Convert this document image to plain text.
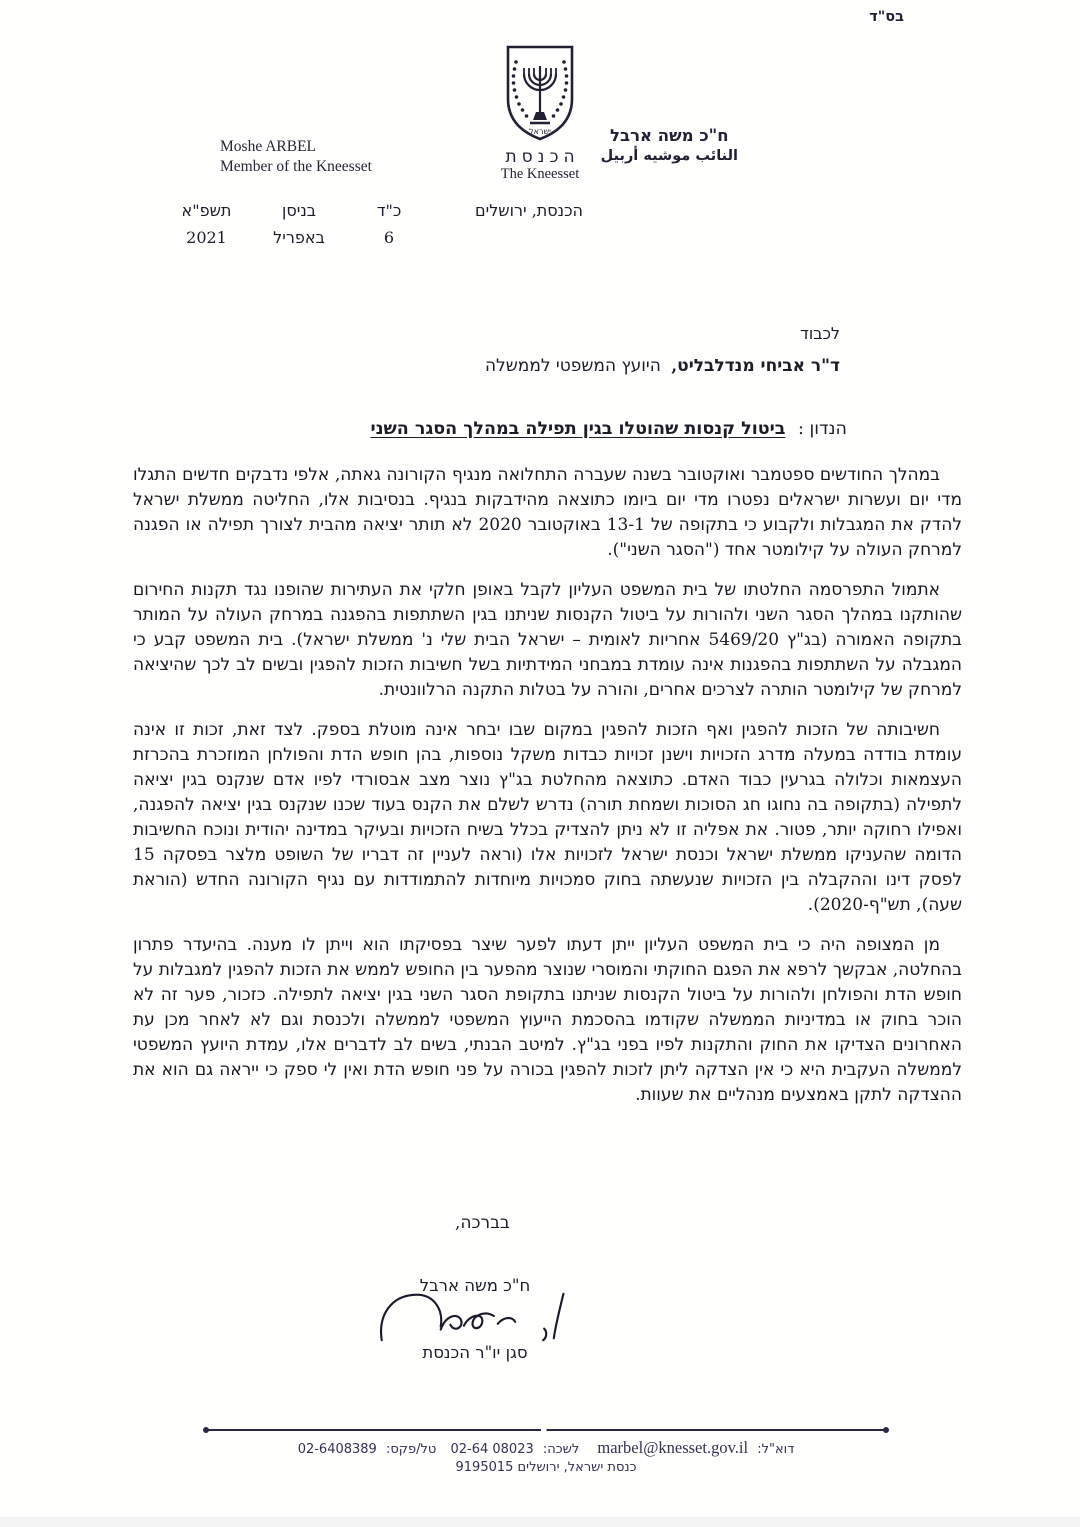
בס"ד
ישראל
הכנסת
The Kneesset
ח"כ משה ארבל
النائب موشيه أربيل
Moshe ARBEL
Member of the Kneesset
הכנסת, ירושלים
כ"ד
בניסן
תשפ"א
6
באפריל
2021
לכבוד
ד"ר אביחי מנדלבליט, היועץ המשפטי לממשלה
הנדון : ביטול קנסות שהוטלו בגין תפילה במהלך הסגר השני

במהלך החודשים ספטמבר ואוקטובר בשנה שעברה התחלואה מנגיף הקורונה גאתה, אלפי נדבקים חדשים התגלו מדי יום ועשרות ישראלים נפטרו מדי יום ביומו כתוצאה מהידבקות בנגיף. בנסיבות אלו, החליטה ממשלת ישראל להדק את המגבלות ולקבוע כי בתקופה של 13-1 באוקטובר 2020 לא תותר יציאה מהבית לצורך תפילה או הפגנה למרחק העולה על קילומטר אחד ("הסגר השני").

אתמול התפרסמה החלטתו של בית המשפט העליון לקבל באופן חלקי את העתירות שהופנו נגד תקנות החירום שהותקנו במהלך הסגר השני ולהורות על ביטול הקנסות שניתנו בגין השתתפות בהפגנה במרחק העולה על המותר בתקופה האמורה (בג"ץ 5469/20 אחריות לאומית – ישראל הבית שלי נ' ממשלת ישראל). בית המשפט קבע כי המגבלה על השתתפות בהפגנות אינה עומדת במבחני המידתיות בשל חשיבות הזכות להפגין ובשים לב לכך שהיציאה למרחק של קילומטר הותרה לצרכים אחרים, והורה על בטלות התקנה הרלוונטית.

חשיבותה של הזכות להפגין ואף הזכות להפגין במקום שבו יבחר אינה מוטלת בספק. לצד זאת, זכות זו אינה עומדת בודדה במעלה מדרג הזכויות וישנן זכויות כבדות משקל נוספות, בהן חופש הדת והפולחן המוזכרת בהכרזת העצמאות וכלולה בגרעין כבוד האדם. כתוצאה מהחלטת בג"ץ נוצר מצב אבסורדי לפיו אדם שנקנס בגין יציאה לתפילה (בתקופה בה נחוגו חג הסוכות ושמחת תורה) נדרש לשלם את הקנס בעוד שכנו שנקנס בגין יציאה להפגנה, ואפילו רחוקה יותר, פטור. את אפליה זו לא ניתן להצדיק בכלל בשיח הזכויות ובעיקר במדינה יהודית ונוכח החשיבות הדומה שהעניקו ממשלת ישראל וכנסת ישראל לזכויות אלו (וראה לעניין זה דבריו של השופט מלצר בפסקה 15 לפסק דינו וההקבלה בין הזכויות שנעשתה בחוק סמכויות מיוחדות להתמודדות עם נגיף הקורונה החדש (הוראת שעה), תש"ף-2020).

מן המצופה היה כי בית המשפט העליון ייתן דעתו לפער שיצר בפסיקתו הוא וייתן לו מענה. בהיעדר פתרון בהחלטה, אבקשך לרפא את הפגם החוקתי והמוסרי שנוצר מהפער בין החופש לממש את הזכות להפגין למגבלות על חופש הדת והפולחן ולהורות על ביטול הקנסות שניתנו בתקופת הסגר השני בגין יציאה לתפילה. כזכור, פער זה לא הוכר בחוק או במדיניות הממשלה שקודמו בהסכמת הייעוץ המשפטי לממשלה ולכנסת וגם לא לאחר מכן עת האחרונים הצדיקו את החוק והתקנות לפיו בפני בג"ץ. למיטב הבנתי, בשים לב לדברים אלו, עמדת היועץ המשפטי לממשלה העקבית היא כי אין הצדקה ליתן לזכות להפגין בכורה על פני חופש הדת ואין לי ספק כי ייראה גם הוא את ההצדקה לתקן באמצעים מנהליים את שעוות.

בברכה,
ח"כ משה ארבל
סגן יו"ר הכנסת
דוא"ל: marbel@knesset.gov.il לשכה: 02-64 08023 טל/פקס: 02-6408389
כנסת ישראל, ירושלים 9195015
